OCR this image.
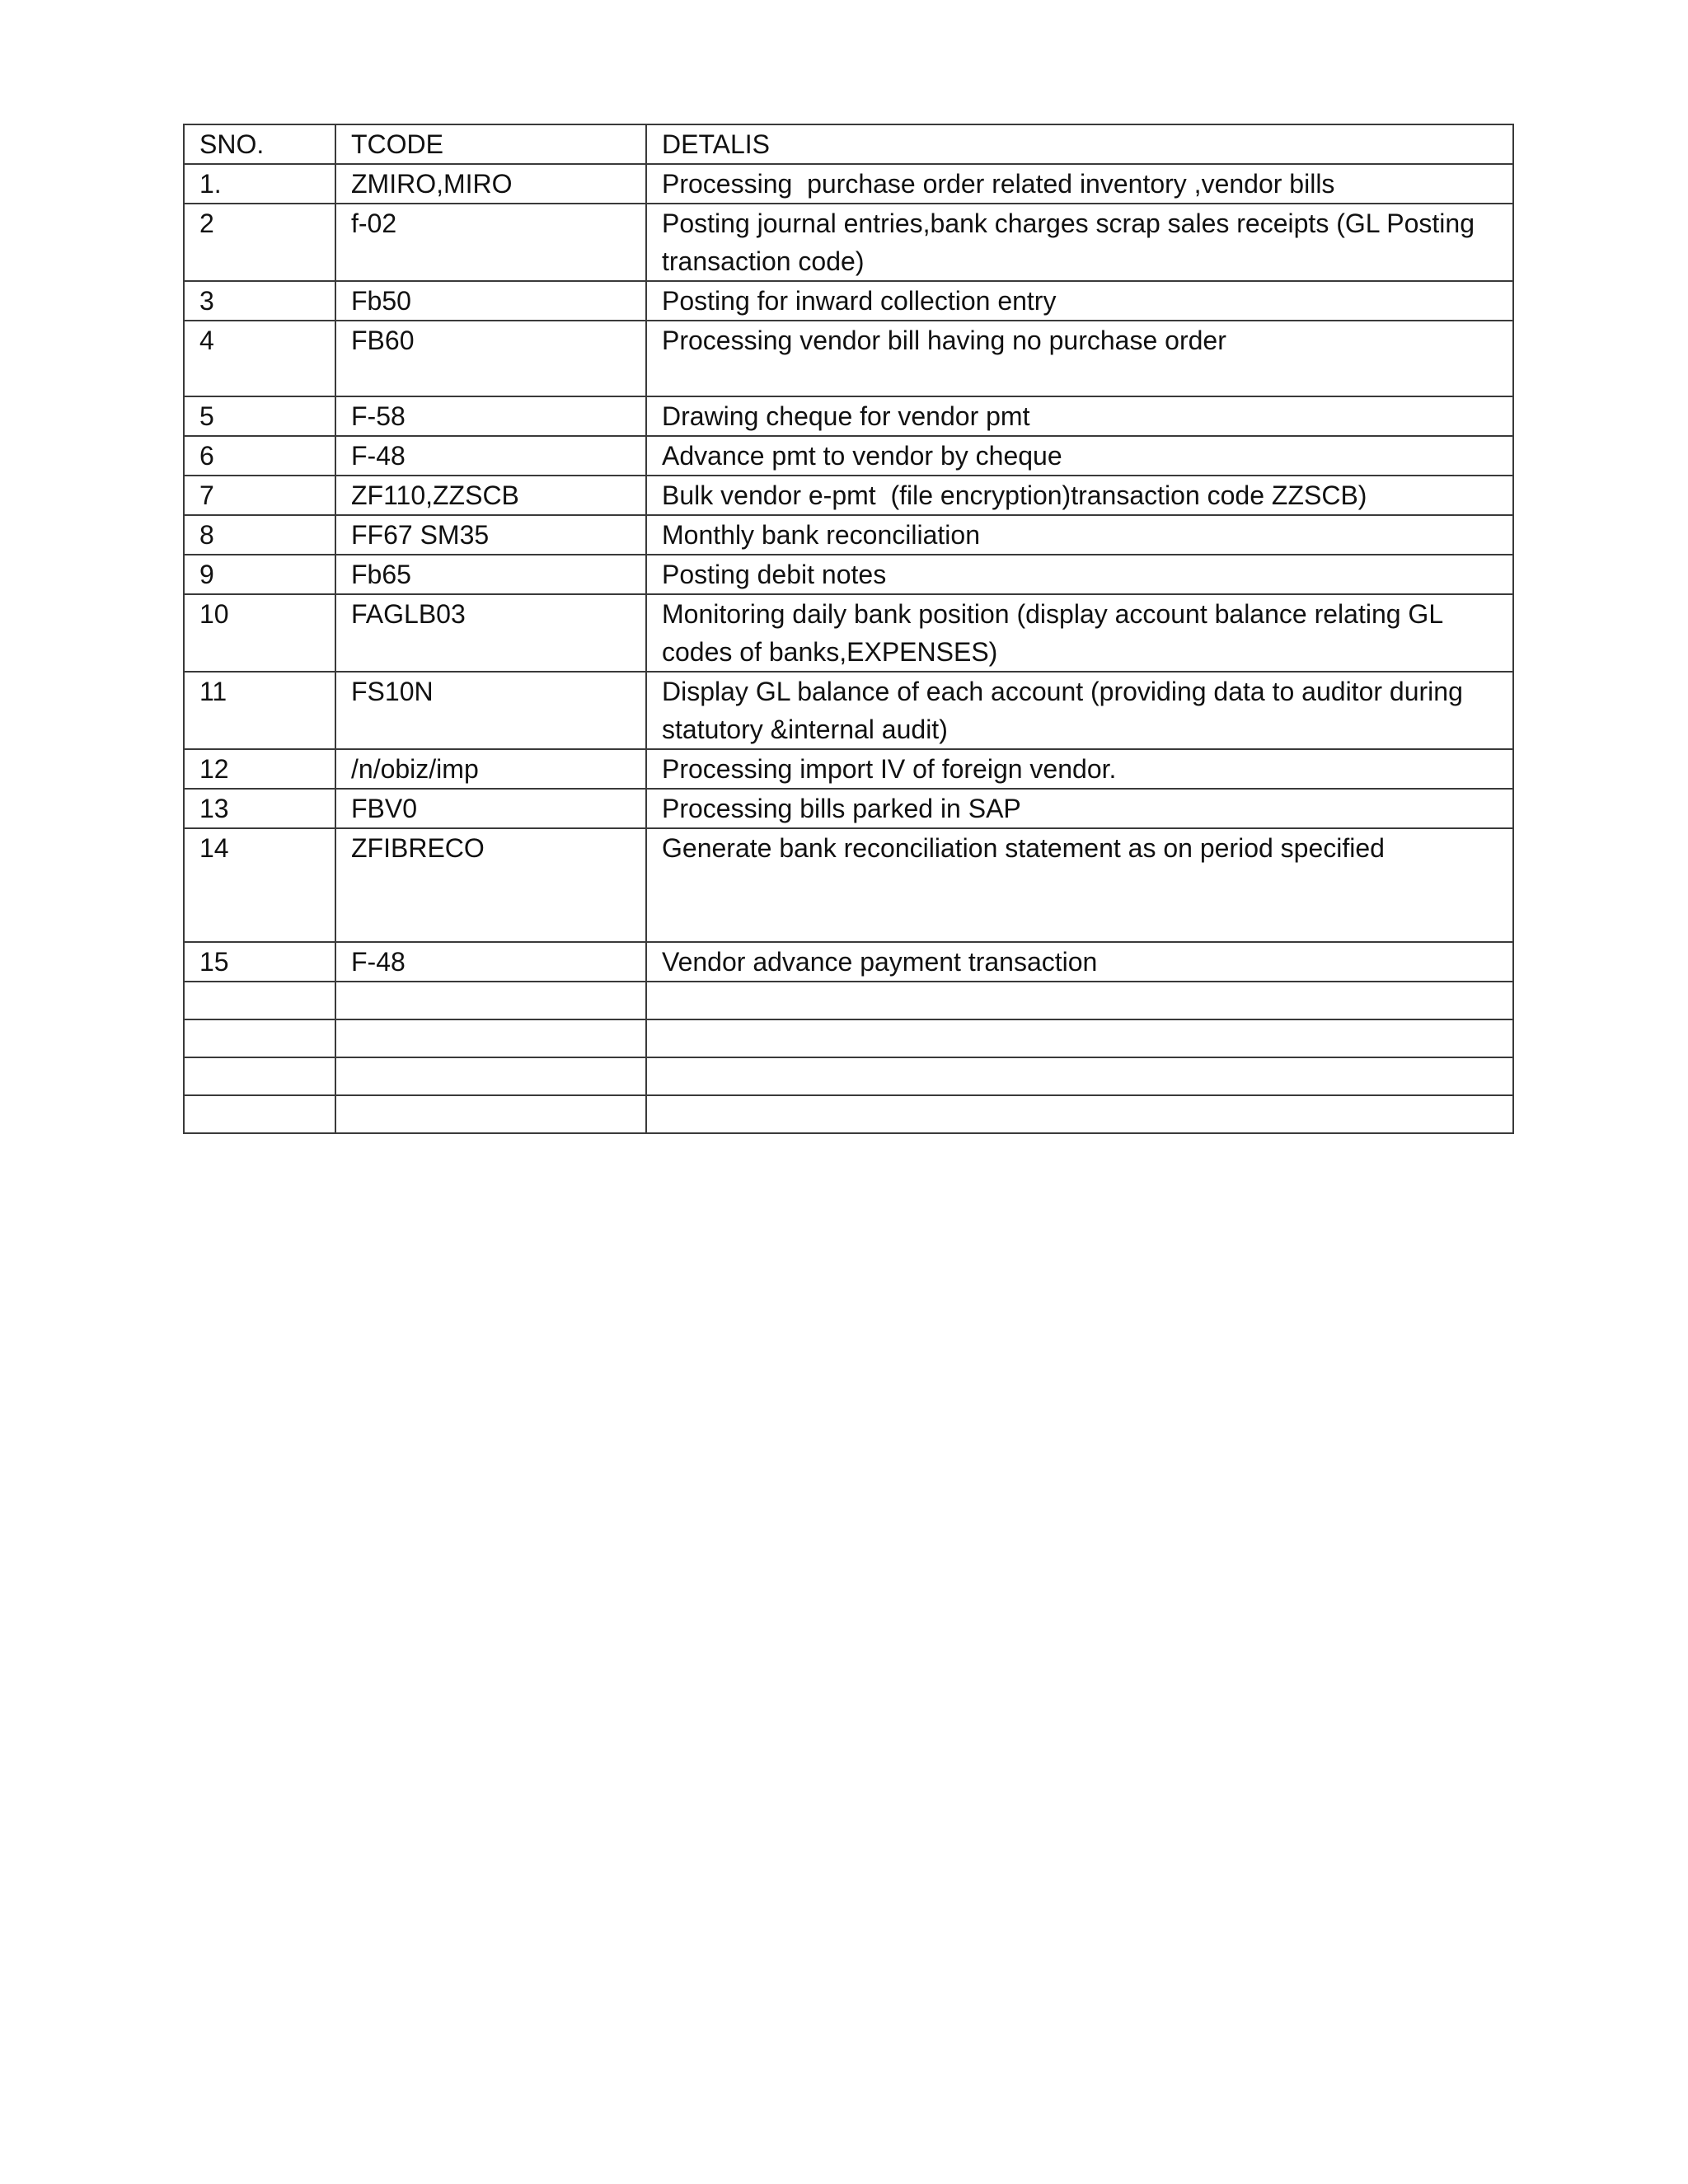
SNO.	TCODE	DETALIS
1.	ZMIRO,MIRO	Processing  purchase order related inventory ,vendor bills
2	f-02	Posting journal entries,bank charges scrap sales receipts (GL Posting transaction code)
3	Fb50	Posting for inward collection entry
4	FB60	Processing vendor bill having no purchase order
5	F-58	Drawing cheque for vendor pmt
6	F-48	Advance pmt to vendor by cheque
7	ZF110,ZZSCB	Bulk vendor e-pmt  (file encryption)transaction code ZZSCB)
8	FF67 SM35	Monthly bank reconciliation
9	Fb65	Posting debit notes
10	FAGLB03	Monitoring daily bank position (display account balance relating GL codes of banks,EXPENSES)
11	FS10N	Display GL balance of each account (providing data to auditor during statutory &internal audit)
12	/n/obiz/imp	Processing import IV of foreign vendor.
13	FBV0	Processing bills parked in SAP
14	ZFIBRECO	Generate bank reconciliation statement as on period specified
15	F-48	Vendor advance payment transaction
